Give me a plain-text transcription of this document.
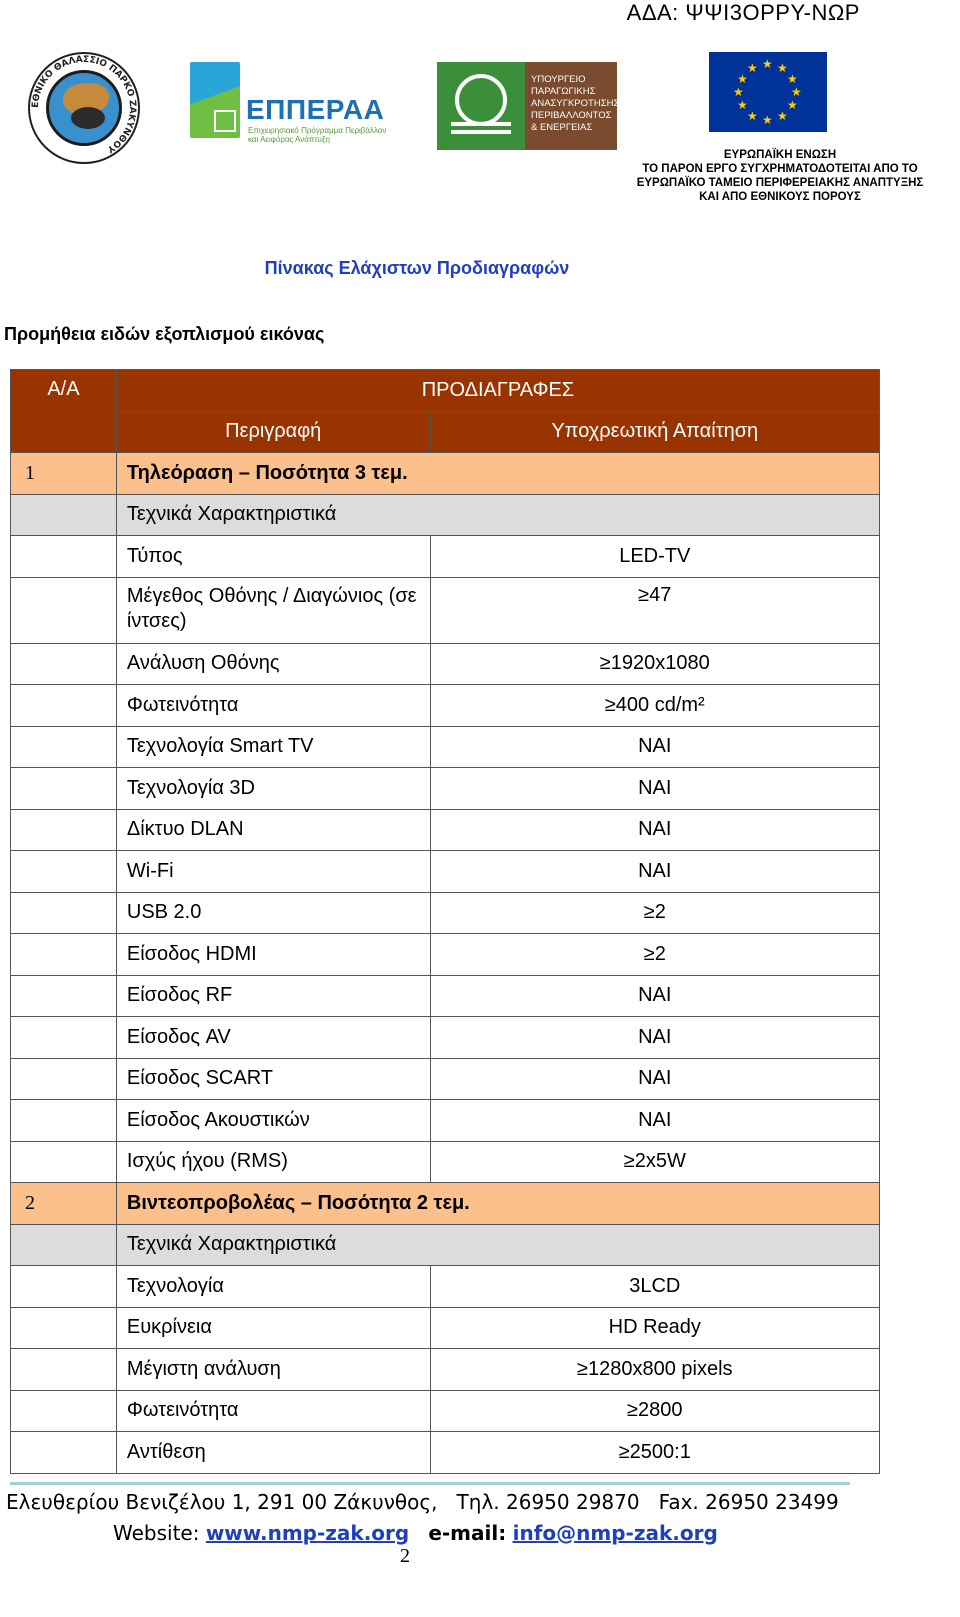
ΑΔΑ: ΨΨΙ3ΟΡΡΥ-ΝΩΡ
ΕΘΝΙΚΟ ΘΑΛΑΣΣΙΟ ΠΑΡΚΟ ΖΑΚΥΝΘΟΥ
ΕΠΠΕΡΑΑ
Επιχειρησιακό Πρόγραμμα Περιβάλλον και Αειφόρος Ανάπτυξη
ΥΠΟΥΡΓΕΙΟ
ΠΑΡΑΓΩΓΙΚΗΣ
ΑΝΑΣΥΓΚΡΟΤΗΣΗΣ
ΠΕΡΙΒΑΛΛΟΝΤΟΣ
& ΕΝΕΡΓΕΙΑΣ
★ ★
★
★
★
★
★
★
★
★
★
★
ΕΥΡΩΠΑΪΚΗ ΕΝΩΣΗ
ΤΟ ΠΑΡΟΝ ΕΡΓΟ ΣΥΓΧΡΗΜΑΤΟΔΟΤΕΙΤΑΙ ΑΠΟ ΤΟ
ΕΥΡΩΠΑΪΚΟ ΤΑΜΕΙΟ ΠΕΡΙΦΕΡΕΙΑΚΗΣ ΑΝΑΠΤΥΞΗΣ
ΚΑΙ ΑΠΟ ΕΘΝΙΚΟΥΣ ΠΟΡΟΥΣ
Πίνακας Ελάχιστων Προδιαγραφών
Προμήθεια ειδών εξοπλισμού εικόνας
Α/Α	ΠΡΟΔΙΑΓΡΑΦΕΣ	
	Περιγραφή	Υποχρεωτική Απαίτηση
1	Τηλεόραση – Ποσότητα 3 τεμ.	
	Τεχνικά Χαρακτηριστικά	
	Τύπος	LED-TV
	Μέγεθος Οθόνης / Διαγώνιος (σε ίντσες)	≥47
	Ανάλυση Οθόνης	≥1920x1080
	Φωτεινότητα	≥400 cd/m²
	Τεχνολογία Smart TV	ΝΑΙ
	Τεχνολογία 3D	ΝΑΙ
	Δίκτυο DLAN	ΝΑΙ
	Wi-Fi	ΝΑΙ
	USB 2.0	≥2
	Είσοδος HDMI	≥2
	Είσοδος RF	ΝΑΙ
	Είσοδος AV	ΝΑΙ
	Είσοδος SCART	ΝΑΙ
	Είσοδος Ακουστικών	ΝΑΙ
	Ισχύς ήχου (RMS)	≥2x5W
2	Βιντεοπροβολέας – Ποσότητα 2 τεμ.	
	Τεχνικά Χαρακτηριστικά	
	Τεχνολογία	3LCD
	Ευκρίνεια	HD Ready
	Μέγιστη ανάλυση	≥1280x800 pixels
	Φωτεινότητα	≥2800
	Αντίθεση	≥2500:1
Ελευθερίου Βενιζέλου 1, 291 00 Ζάκυνθος, Τηλ. 26950 29870 Fax. 26950 23499
Website: www.nmp-zak.org e-mail: info@nmp-zak.org
2
